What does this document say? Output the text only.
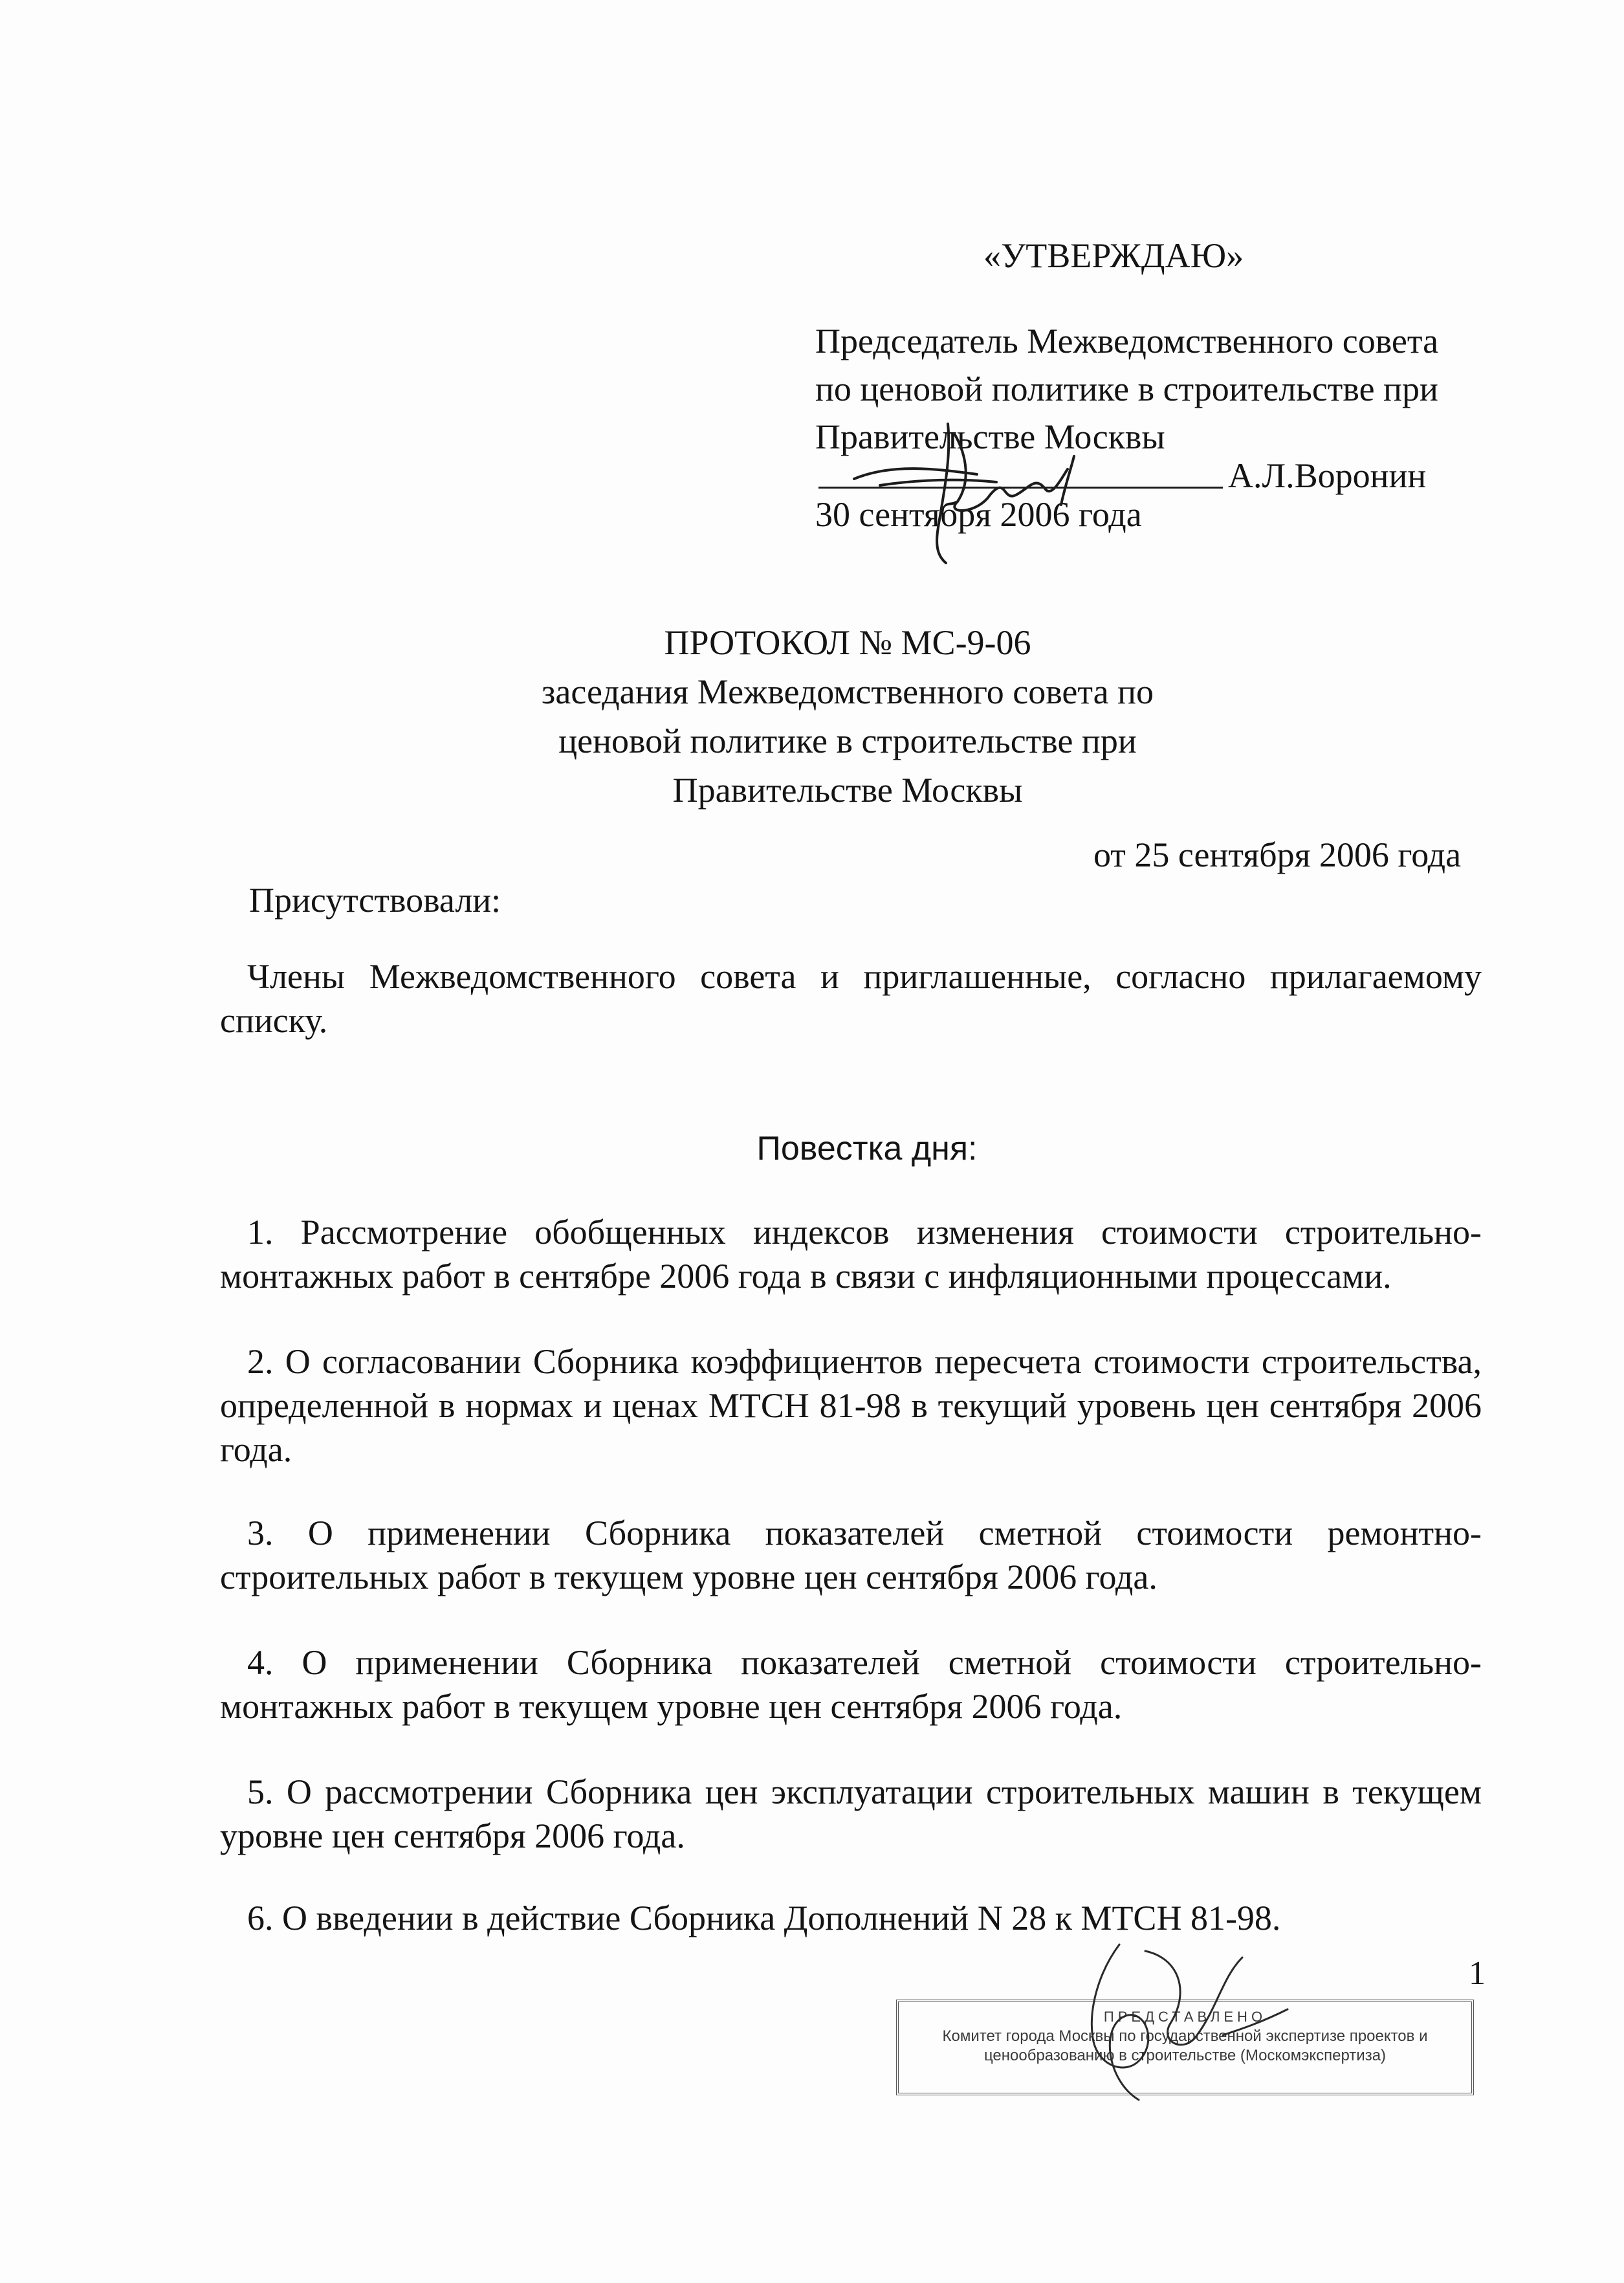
«УТВЕРЖДАЮ»
Председатель Межведомственного совета
по ценовой политике в строительстве при
Правительстве Москвы
А.Л.Воронин
30 сентября 2006 года
ПРОТОКОЛ № МС-9-06
заседания Межведомственного совета по
ценовой политике в строительстве при
Правительстве Москвы
от 25 сентября 2006 года
Присутствовали:
Члены Межведомственного совета и приглашенные, согласно прилагаемому списку.
Повестка дня:
1. Рассмотрение обобщенных индексов изменения стоимости строительно-монтажных работ в сентябре 2006 года в связи с инфляционными процессами.
2. О согласовании Сборника коэффициентов пересчета стоимости строительства, определенной в нормах и ценах МТСН 81-98 в текущий уровень цен сентября 2006 года.
3. О применении Сборника показателей сметной стоимости ремонтно-строительных работ в текущем уровне цен сентября 2006 года.
4. О применении Сборника показателей сметной стоимости строительно-монтажных работ в текущем уровне цен сентября 2006 года.
5. О рассмотрении Сборника цен эксплуатации строительных машин в текущем уровне цен сентября 2006 года.
6. О введении в действие Сборника Дополнений N 28 к МТСН 81-98.
1
ПРЕДСТАВЛЕНО
Комитет города Москвы по государственной экспертизе проектов и
ценообразованию в строительстве (Москомэкспертиза)
